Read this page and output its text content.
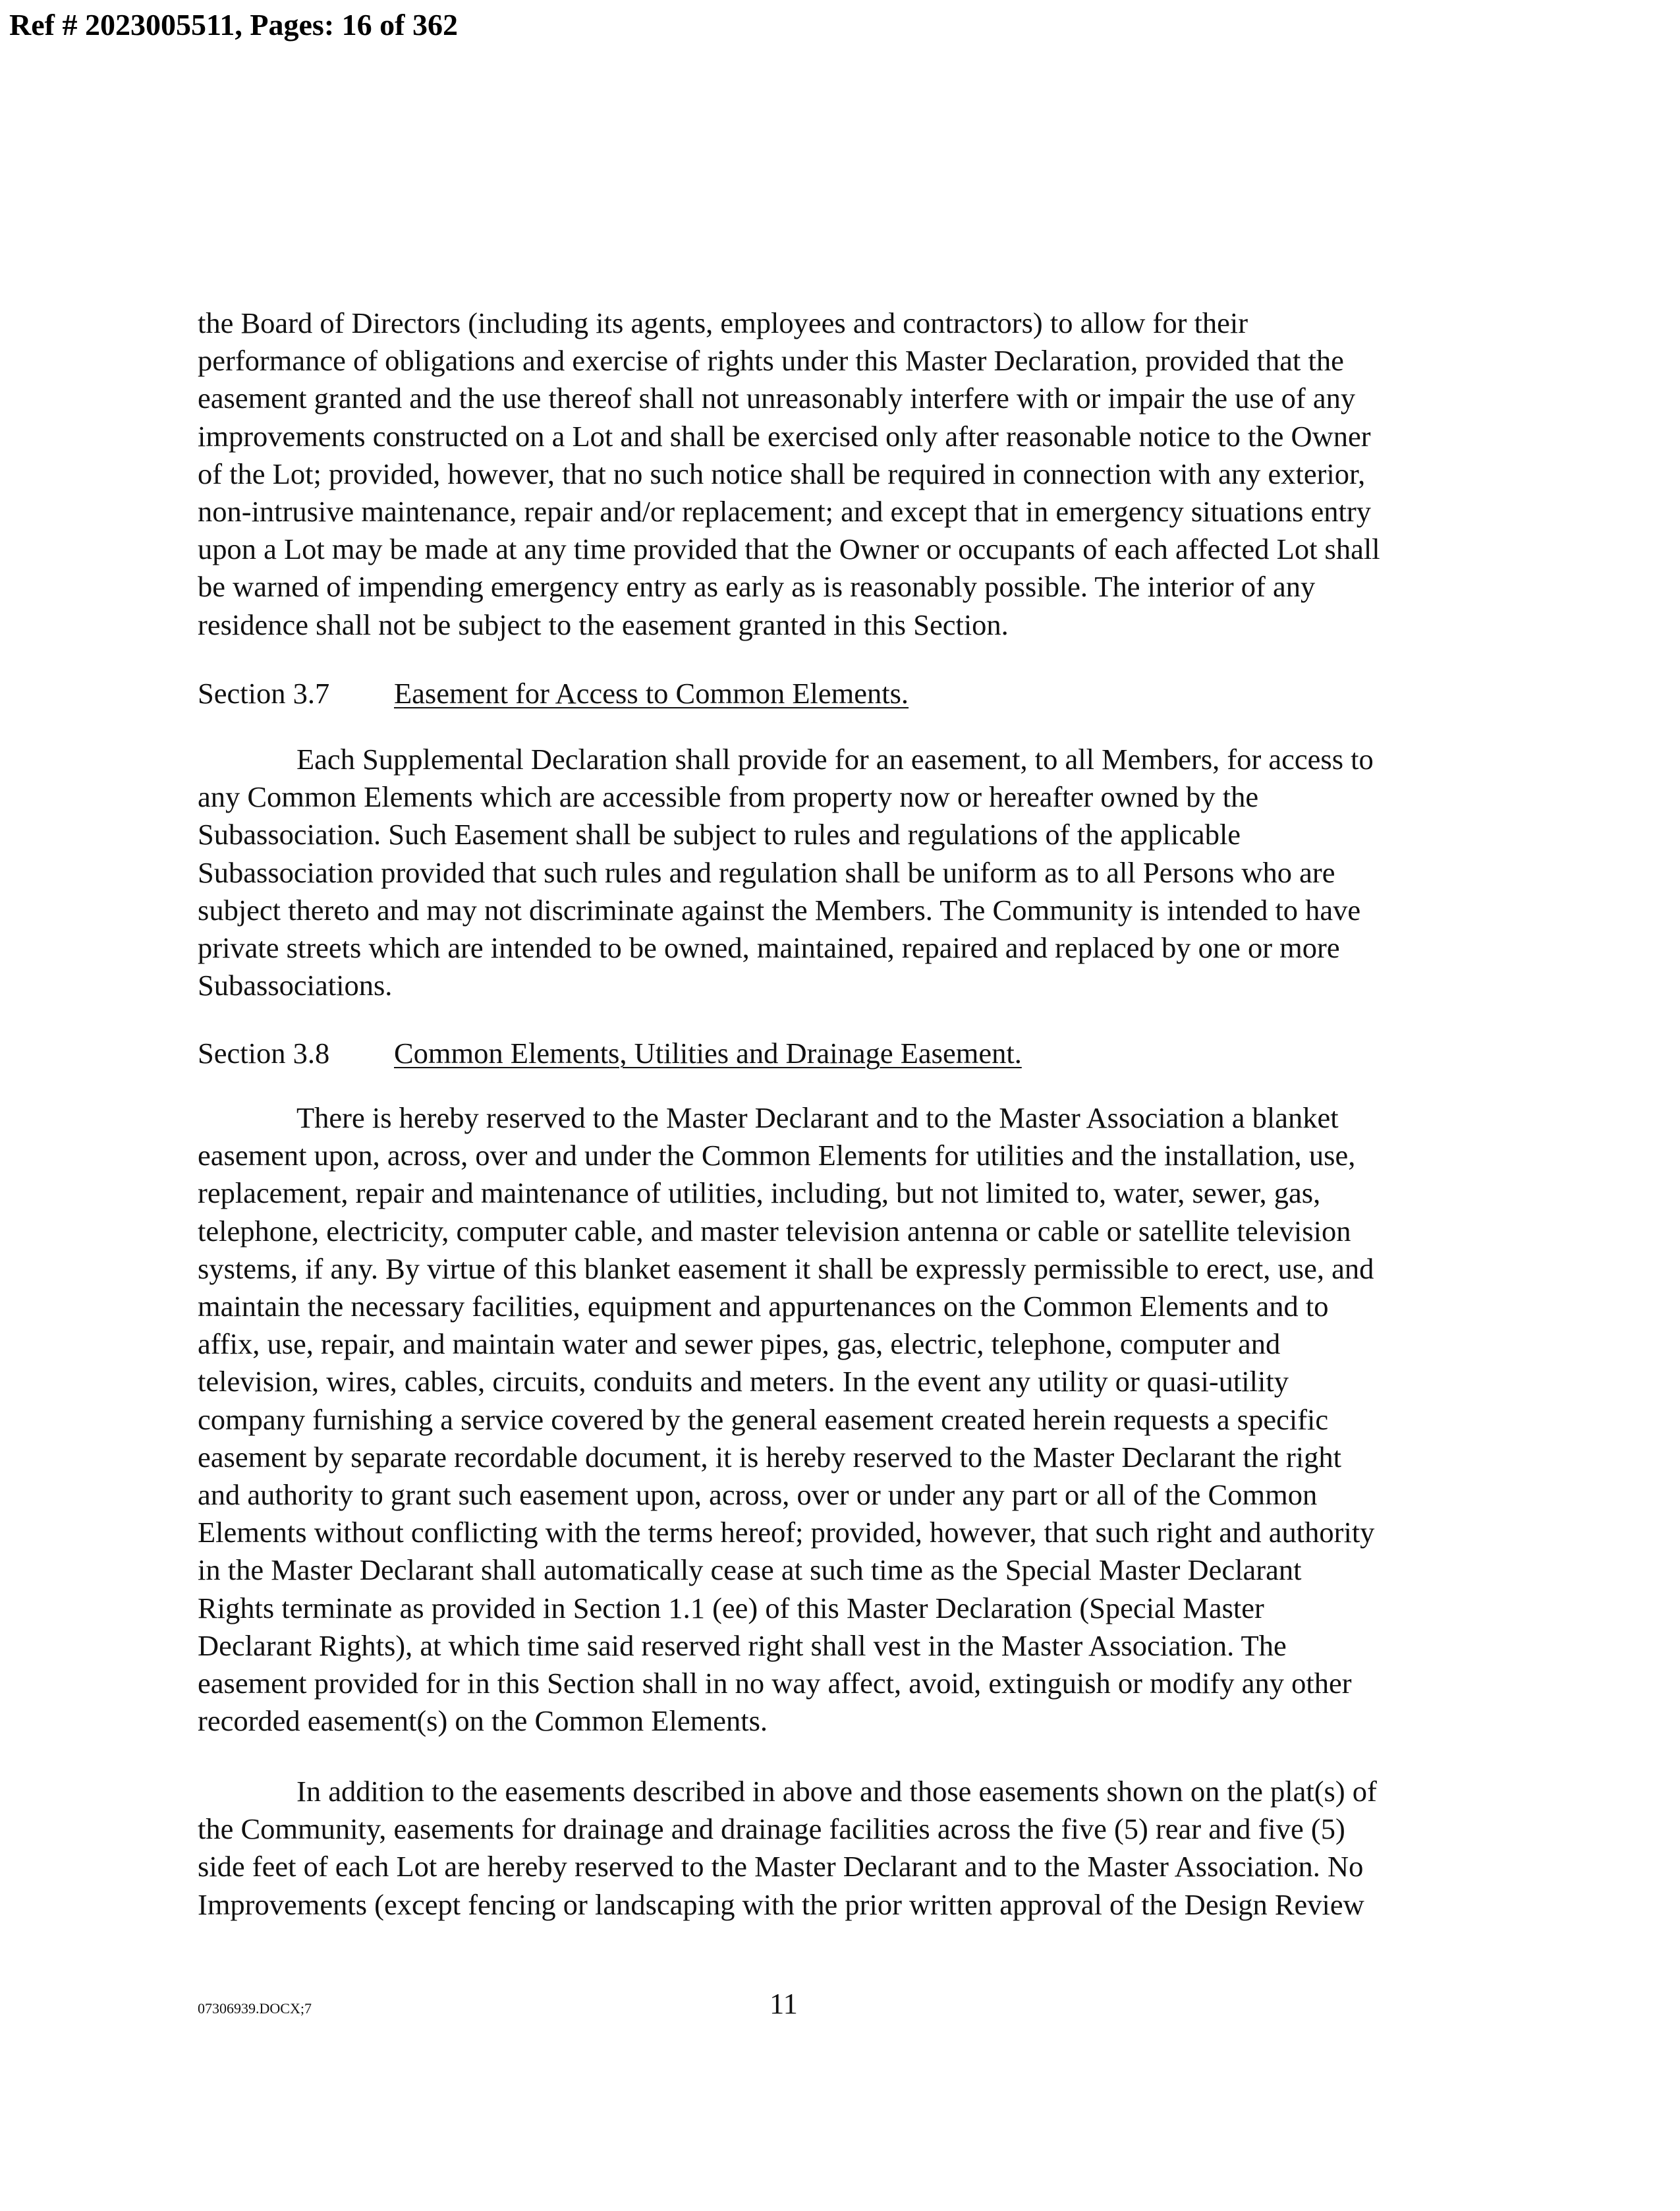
Ref # 2023005511, Pages: 16 of 362
the Board of Directors (including its agents, employees and contractors) to allow for their
performance of obligations and exercise of rights under this Master Declaration, provided that the
easement granted and the use thereof shall not unreasonably interfere with or impair the use of any
improvements constructed on a Lot and shall be exercised only after reasonable notice to the Owner
of the Lot; provided, however, that no such notice shall be required in connection with any exterior,
non-intrusive maintenance, repair and/or replacement; and except that in emergency situations entry
upon a Lot may be made at any time provided that the Owner or occupants of each affected Lot shall
be warned of impending emergency entry as early as is reasonably possible. The interior of any
residence shall not be subject to the easement granted in this Section.
Section 3.7 Easement for Access to Common Elements.
Each Supplemental Declaration shall provide for an easement, to all Members, for access to
any Common Elements which are accessible from property now or hereafter owned by the
Subassociation. Such Easement shall be subject to rules and regulations of the applicable
Subassociation provided that such rules and regulation shall be uniform as to all Persons who are
subject thereto and may not discriminate against the Members. The Community is intended to have
private streets which are intended to be owned, maintained, repaired and replaced by one or more
Subassociations.
Section 3.8 Common Elements, Utilities and Drainage Easement.
There is hereby reserved to the Master Declarant and to the Master Association a blanket
easement upon, across, over and under the Common Elements for utilities and the installation, use,
replacement, repair and maintenance of utilities, including, but not limited to, water, sewer, gas,
telephone, electricity, computer cable, and master television antenna or cable or satellite television
systems, if any. By virtue of this blanket easement it shall be expressly permissible to erect, use, and
maintain the necessary facilities, equipment and appurtenances on the Common Elements and to
affix, use, repair, and maintain water and sewer pipes, gas, electric, telephone, computer and
television, wires, cables, circuits, conduits and meters. In the event any utility or quasi-utility
company furnishing a service covered by the general easement created herein requests a specific
easement by separate recordable document, it is hereby reserved to the Master Declarant the right
and authority to grant such easement upon, across, over or under any part or all of the Common
Elements without conflicting with the terms hereof; provided, however, that such right and authority
in the Master Declarant shall automatically cease at such time as the Special Master Declarant
Rights terminate as provided in Section 1.1 (ee) of this Master Declaration (Special Master
Declarant Rights), at which time said reserved right shall vest in the Master Association. The
easement provided for in this Section shall in no way affect, avoid, extinguish or modify any other
recorded easement(s) on the Common Elements.
In addition to the easements described in above and those easements shown on the plat(s) of
the Community, easements for drainage and drainage facilities across the five (5) rear and five (5)
side feet of each Lot are hereby reserved to the Master Declarant and to the Master Association. No
Improvements (except fencing or landscaping with the prior written approval of the Design Review
07306939.DOCX;7	11
